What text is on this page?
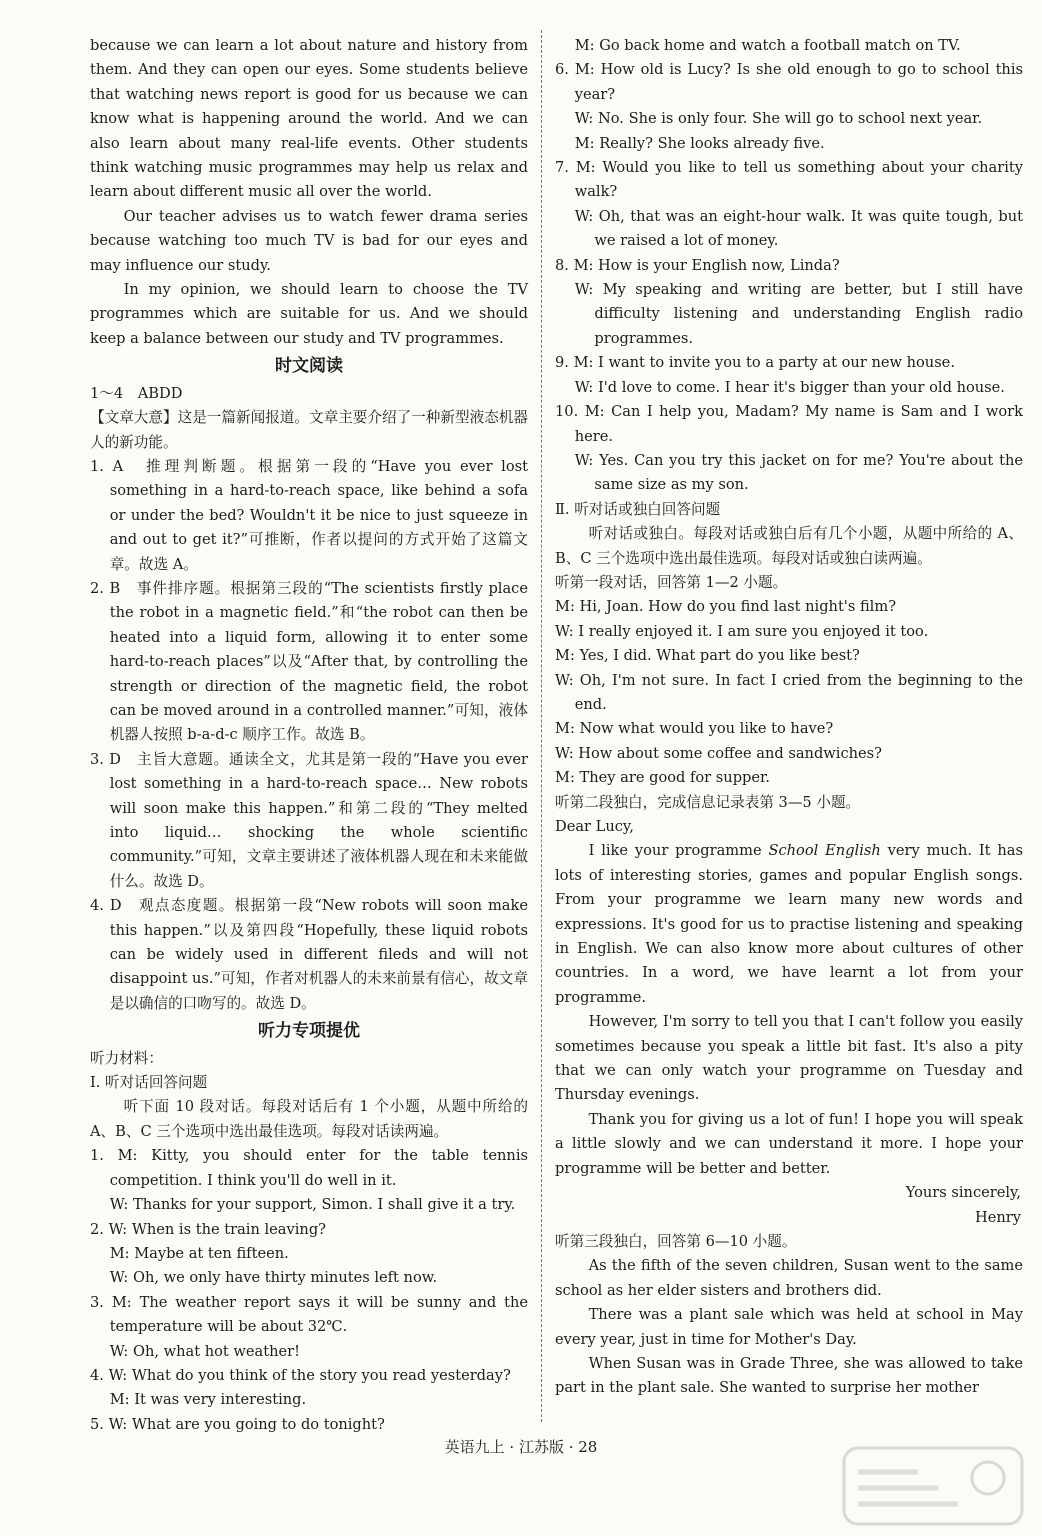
because we can learn a lot about nature and history from them. And they can open our eyes. Some students believe that watching news report is good for us because we can know what is happening around the world. And we can also learn about many real-life events. Other students think watching music programmes may help us relax and learn about different music all over the world.
Our teacher advises us to watch fewer drama series because watching too much TV is bad for our eyes and may influence our study.
In my opinion, we should learn to choose the TV programmes which are suitable for us. And we should keep a balance between our study and TV programmes.
时文阅读
1～4　ABDD
【文章大意】这是一篇新闻报道。文章主要介绍了一种新型液态机器人的新功能。
1. A　推理判断题。根据第一段的“Have you ever lost something in a hard-to-reach space, like behind a sofa or under the bed? Wouldn't it be nice to just squeeze in and out to get it?”可推断，作者以提问的方式开始了这篇文章。故选 A。
2. B　事件排序题。根据第三段的“The scientists firstly place the robot in a magnetic field.”和“the robot can then be heated into a liquid form, allowing it to enter some hard-to-reach places”以及“After that, by controlling the strength or direction of the magnetic field, the robot can be moved around in a controlled manner.”可知，液体机器人按照 b-a-d-c 顺序工作。故选 B。
3. D　主旨大意题。通读全文，尤其是第一段的“Have you ever lost something in a hard-to-reach space… New robots will soon make this happen.”和第二段的“They melted into liquid… shocking the whole scientific community.”可知，文章主要讲述了液体机器人现在和未来能做什么。故选 D。
4. D　观点态度题。根据第一段“New robots will soon make this happen.”以及第四段“Hopefully, these liquid robots can be widely used in different fileds and will not disappoint us.”可知，作者对机器人的未来前景有信心，故文章是以确信的口吻写的。故选 D。
听力专项提优
听力材料：
Ⅰ. 听对话回答问题
听下面 10 段对话。每段对话后有 1 个小题，从题中所给的 A、B、C 三个选项中选出最佳选项。每段对话读两遍。
1. M: Kitty, you should enter for the table tennis competition. I think you'll do well in it.
W: Thanks for your support, Simon. I shall give it a try.
2. W: When is the train leaving?
M: Maybe at ten fifteen.
W: Oh, we only have thirty minutes left now.
3. M: The weather report says it will be sunny and the temperature will be about 32℃.
W: Oh, what hot weather!
4. W: What do you think of the story you read yesterday?
M: It was very interesting.
5. W: What are you going to do tonight?
M: Go back home and watch a football match on TV.
6. M: How old is Lucy? Is she old enough to go to school this year?
W: No. She is only four. She will go to school next year.
M: Really? She looks already five.
7. M: Would you like to tell us something about your charity walk?
W: Oh, that was an eight-hour walk. It was quite tough, but we raised a lot of money.
8. M: How is your English now, Linda?
W: My speaking and writing are better, but I still have difficulty listening and understanding English radio programmes.
9. M: I want to invite you to a party at our new house.
W: I'd love to come. I hear it's bigger than your old house.
10. M: Can I help you, Madam? My name is Sam and I work here.
W: Yes. Can you try this jacket on for me? You're about the same size as my son.
Ⅱ. 听对话或独白回答问题
听对话或独白。每段对话或独白后有几个小题，从题中所给的 A、B、C 三个选项中选出最佳选项。每段对话或独白读两遍。
听第一段对话，回答第 1—2 小题。
M: Hi, Joan. How do you find last night's film?
W: I really enjoyed it. I am sure you enjoyed it too.
M: Yes, I did. What part do you like best?
W: Oh, I'm not sure. In fact I cried from the beginning to the end.
M: Now what would you like to have?
W: How about some coffee and sandwiches?
M: They are good for supper.
听第二段独白，完成信息记录表第 3—5 小题。
Dear Lucy,
I like your programme School English very much. It has lots of interesting stories, games and popular English songs. From your programme we learn many new words and expressions. It's good for us to practise listening and speaking in English. We can also know more about cultures of other countries. In a word, we have learnt a lot from your programme.
However, I'm sorry to tell you that I can't follow you easily sometimes because you speak a little bit fast. It's also a pity that we can only watch your programme on Tuesday and Thursday evenings.
Thank you for giving us a lot of fun! I hope you will speak a little slowly and we can understand it more. I hope your programme will be better and better.
Yours sincerely,
Henry
听第三段独白，回答第 6—10 小题。
As the fifth of the seven children, Susan went to the same school as her elder sisters and brothers did.
There was a plant sale which was held at school in May every year, just in time for Mother's Day.
When Susan was in Grade Three, she was allowed to take part in the plant sale. She wanted to surprise her mother
英语九上 · 江苏版 · 28
